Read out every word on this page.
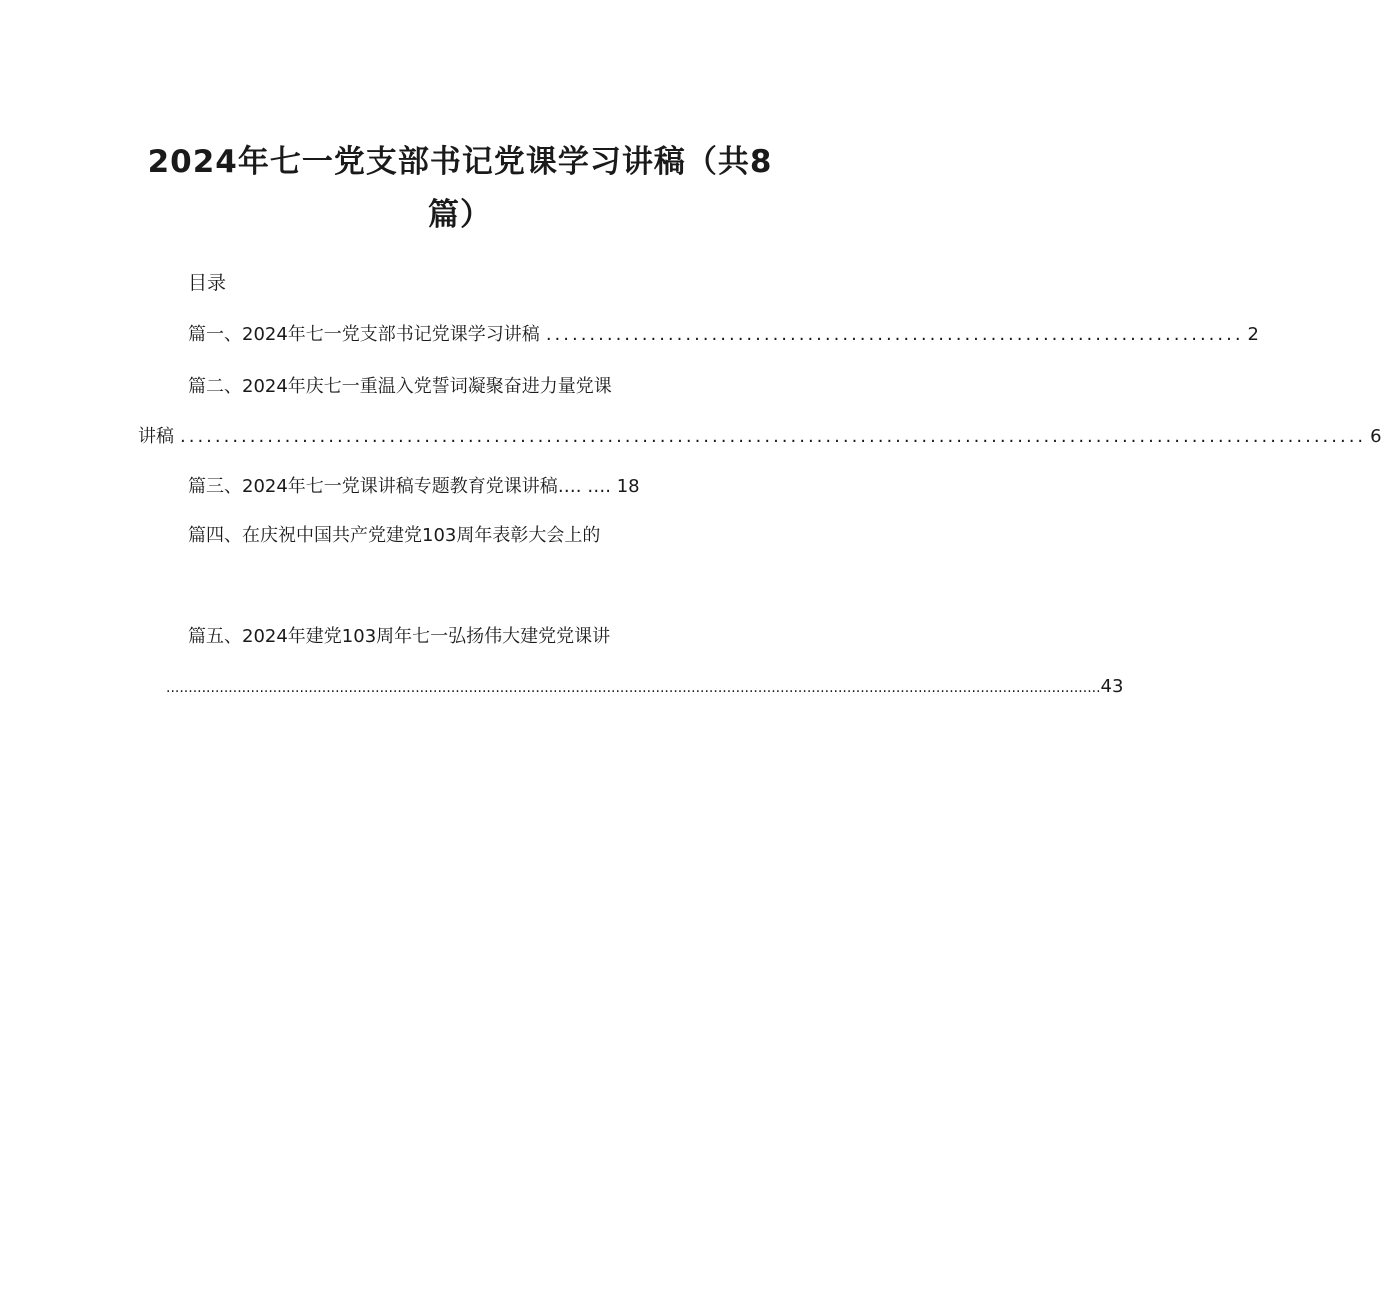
2024年七一党支部书记党课学习讲稿（共8
篇）
目录
篇一、2024年七一党支部书记党课学习讲稿 ................................................................................ 2
篇二、2024年庆七一重温入党誓词凝聚奋进力量党课
讲稿 ........................................................................................................................................ 6
篇三、2024年七一党课讲稿专题教育党课讲稿…. …. 18
篇四、在庆祝中国共产党建党103周年表彰大会上的
篇五、2024年建党103周年七一弘扬伟大建党党课讲
.................................................................................................................................................................................................................. 43
